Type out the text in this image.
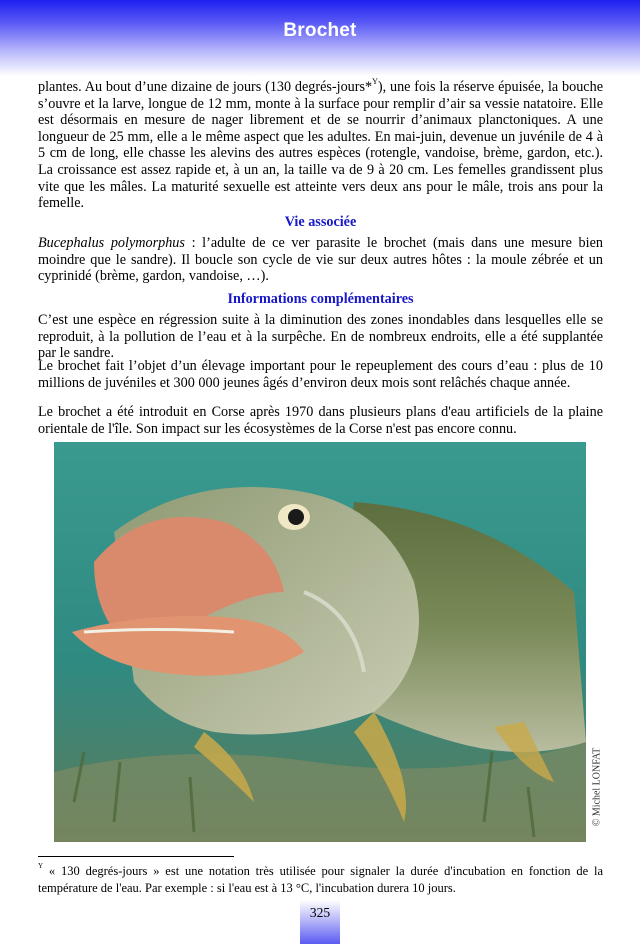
Brochet

plantes. Au bout d’une dizaine de jours (130 degrés-jours*$^Y$), une fois la réserve épuisée, la bouche s’ouvre et la larve, longue de 12 mm, monte à la surface pour remplir d’air sa vessie natatoire. Elle est désormais en mesure de nager librement et de se nourrir d’animaux planctoniques. A une longueur de 25 mm, elle a le même aspect que les adultes. En mai-juin, devenue un juvénile de 4 à 5 cm de long, elle chasse les alevins des autres espèces (rotengle, vandoise, brème, gardon, etc.). La croissance est assez rapide et, à un an, la taille va de 9 à 20 cm. Les femelles grandissent plus vite que les mâles. La maturité sexuelle est atteinte vers deux ans pour le mâle, trois ans pour la femelle.

Vie associée

Bucephalus polymorphus : l’adulte de ce ver parasite le brochet (mais dans une mesure bien moindre que le sandre). Il boucle son cycle de vie sur deux autres hôtes : la moule zébrée et un cyprinidé (brème, gardon, vandoise, …).

Informations complémentaires

C’est une espèce en régression suite à la diminution des zones inondables dans lesquelles elle se reproduit, à la pollution de l’eau et à la surpêche. En de nombreux endroits, elle a été supplantée par le sandre.

Le brochet fait l’objet d’un élevage important pour le repeuplement des cours d’eau : plus de 10 millions de juvéniles et 300 000 jeunes âgés d’environ deux mois sont relâchés chaque année.

Le brochet a été introduit en Corse après 1970 dans plusieurs plans d'eau artificiels de la plaine orientale de l'île. Son impact sur les écosystèmes de la Corse n'est pas encore connu.

© Michel LONFAT

$^Y$ « 130 degrés-jours » est une notation très utilisée pour signaler la durée d'incubation en fonction de la température de l'eau. Par exemple : si l'eau est à 13 °C, l'incubation durera 10 jours.

325
